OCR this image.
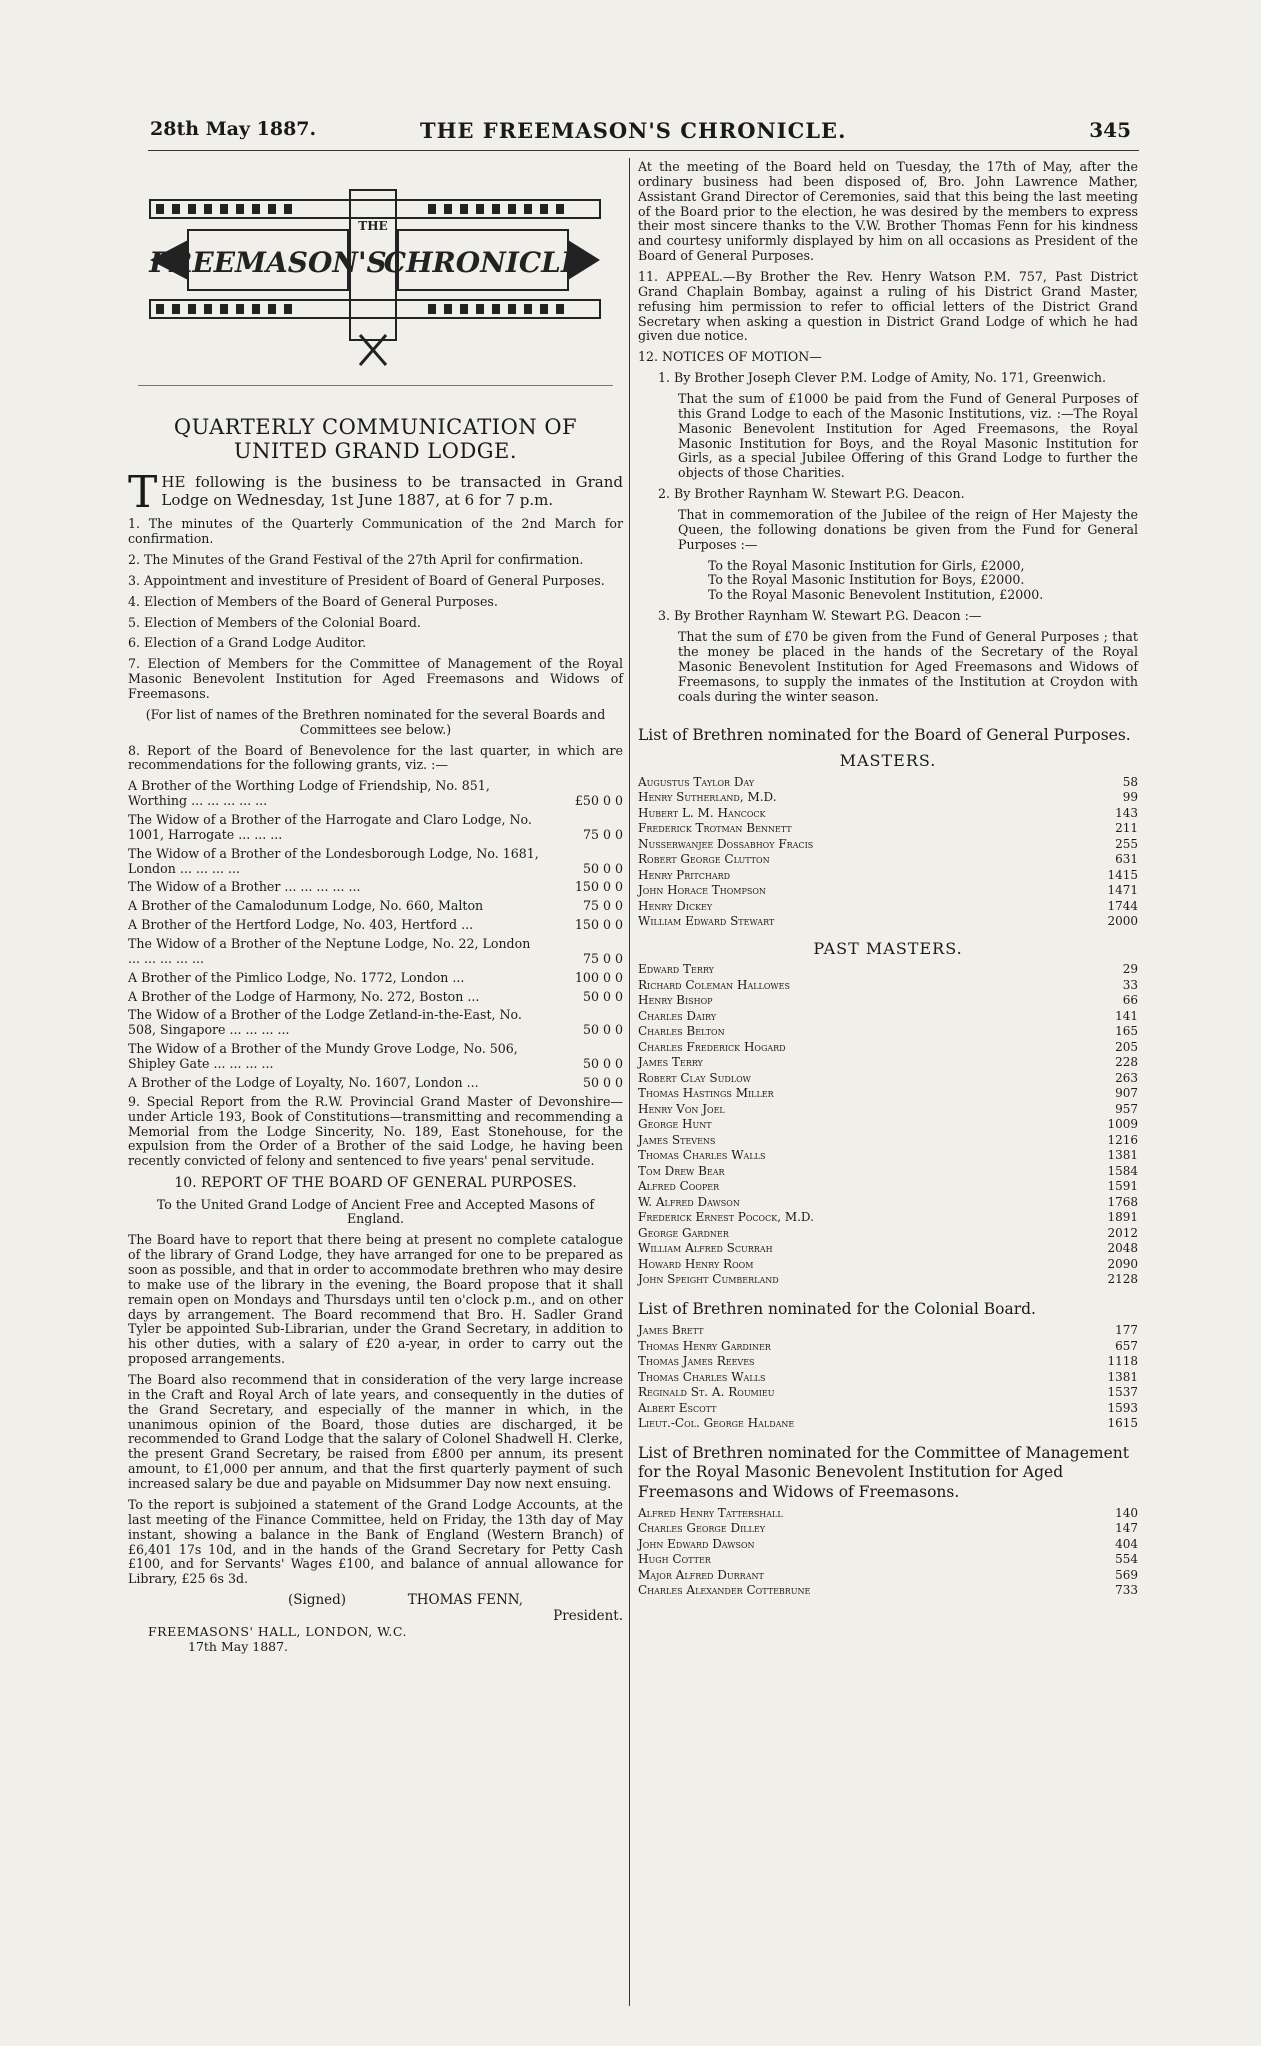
28th May 1887.	THE FREEMASON'S CHRONICLE.	345
FREEMASON'S
THE
CHRONICLE
QUARTERLY COMMUNICATION OF UNITED GRAND LODGE.

THE following is the business to be transacted in Grand Lodge on Wednesday, 1st June 1887, at 6 for 7 p.m.

1. The minutes of the Quarterly Communication of the 2nd March for confirmation.

2. The Minutes of the Grand Festival of the 27th April for confirmation.

3. Appointment and investiture of President of Board of General Purposes.

4. Election of Members of the Board of General Purposes.

5. Election of Members of the Colonial Board.

6. Election of a Grand Lodge Auditor.

7. Election of Members for the Committee of Management of the Royal Masonic Benevolent Institution for Aged Freemasons and Widows of Freemasons.

(For list of names of the Brethren nominated for the several Boards and Committees see below.)

8. Report of the Board of Benevolence for the last quarter, in which are recommendations for the following grants, viz. :—

A Brother of the Worthing Lodge of Friendship, No. 851, Worthing ... ... ... ... ...	£50 0 0
The Widow of a Brother of the Harrogate and Claro Lodge, No. 1001, Harrogate ... ... ...	75 0 0
The Widow of a Brother of the Londesborough Lodge, No. 1681, London ... ... ... ...	50 0 0
The Widow of a Brother ... ... ... ... ...	150 0 0
A Brother of the Camalodunum Lodge, No. 660, Malton	75 0 0
A Brother of the Hertford Lodge, No. 403, Hertford ...	150 0 0
The Widow of a Brother of the Neptune Lodge, No. 22, London ... ... ... ... ...	75 0 0
A Brother of the Pimlico Lodge, No. 1772, London ...	100 0 0
A Brother of the Lodge of Harmony, No. 272, Boston ...	50 0 0
The Widow of a Brother of the Lodge Zetland-in-the-East, No. 508, Singapore ... ... ... ...	50 0 0
The Widow of a Brother of the Mundy Grove Lodge, No. 506, Shipley Gate ... ... ... ...	50 0 0
A Brother of the Lodge of Loyalty, No. 1607, London ...	50 0 0

9. Special Report from the R.W. Provincial Grand Master of Devonshire—under Article 193, Book of Constitutions—transmitting and recommending a Memorial from the Lodge Sincerity, No. 189, East Stonehouse, for the expulsion from the Order of a Brother of the said Lodge, he having been recently convicted of felony and sentenced to five years' penal servitude.

10. REPORT OF THE BOARD OF GENERAL PURPOSES.

To the United Grand Lodge of Ancient Free and Accepted Masons of England.

The Board have to report that there being at present no complete catalogue of the library of Grand Lodge, they have arranged for one to be prepared as soon as possible, and that in order to accommodate brethren who may desire to make use of the library in the evening, the Board propose that it shall remain open on Mondays and Thursdays until ten o'clock p.m., and on other days by arrangement. The Board recommend that Bro. H. Sadler Grand Tyler be appointed Sub-Librarian, under the Grand Secretary, in addition to his other duties, with a salary of £20 a-year, in order to carry out the proposed arrangements.

The Board also recommend that in consideration of the very large increase in the Craft and Royal Arch of late years, and consequently in the duties of the Grand Secretary, and especially of the manner in which, in the unanimous opinion of the Board, those duties are discharged, it be recommended to Grand Lodge that the salary of Colonel Shadwell H. Clerke, the present Grand Secretary, be raised from £800 per annum, its present amount, to £1,000 per annum, and that the first quarterly payment of such increased salary be due and payable on Midsummer Day now next ensuing.

To the report is subjoined a statement of the Grand Lodge Accounts, at the last meeting of the Finance Committee, held on Friday, the 13th day of May instant, showing a balance in the Bank of England (Western Branch) of £6,401 17s 10d, and in the hands of the Grand Secretary for Petty Cash £100, and for Servants' Wages £100, and balance of annual allowance for Library, £25 6s 3d.

(Signed)	THOMAS FENN,
President.
FREEMASONS' HALL, LONDON, W.C.
17th May 1887.

At the meeting of the Board held on Tuesday, the 17th of May, after the ordinary business had been disposed of, Bro. John Lawrence Mather, Assistant Grand Director of Ceremonies, said that this being the last meeting of the Board prior to the election, he was desired by the members to express their most sincere thanks to the V.W. Brother Thomas Fenn for his kindness and courtesy uniformly displayed by him on all occasions as President of the Board of General Purposes.

11. APPEAL.—By Brother the Rev. Henry Watson P.M. 757, Past District Grand Chaplain Bombay, against a ruling of his District Grand Master, refusing him permission to refer to official letters of the District Grand Secretary when asking a question in District Grand Lodge of which he had given due notice.

12. NOTICES OF MOTION—

1. By Brother Joseph Clever P.M. Lodge of Amity, No. 171, Greenwich.

That the sum of £1000 be paid from the Fund of General Purposes of this Grand Lodge to each of the Masonic Institutions, viz. :—The Royal Masonic Benevolent Institution for Aged Freemasons, the Royal Masonic Institution for Boys, and the Royal Masonic Institution for Girls, as a special Jubilee Offering of this Grand Lodge to further the objects of those Charities.

2. By Brother Raynham W. Stewart P.G. Deacon.

That in commemoration of the Jubilee of the reign of Her Majesty the Queen, the following donations be given from the Fund for General Purposes :—

To the Royal Masonic Institution for Girls, £2000,

To the Royal Masonic Institution for Boys, £2000.

To the Royal Masonic Benevolent Institution, £2000.

3. By Brother Raynham W. Stewart P.G. Deacon :—

That the sum of £70 be given from the Fund of General Purposes ; that the money be placed in the hands of the Secretary of the Royal Masonic Benevolent Institution for Aged Freemasons and Widows of Freemasons, to supply the inmates of the Institution at Croydon with coals during the winter season.

List of Brethren nominated for the Board of General Purposes.
MASTERS.
Augustus Taylor Day	58
Henry Sutherland, M.D.	99
Hubert L. M. Hancock	143
Frederick Trotman Bennett	211
Nusserwanjee Dossabhoy Fracis	255
Robert George Clutton	631
Henry Pritchard	1415
John Horace Thompson	1471
Henry Dickey	1744
William Edward Stewart	2000
PAST MASTERS.
Edward Terry	29
Richard Coleman Hallowes	33
Henry Bishop	66
Charles Dairy	141
Charles Belton	165
Charles Frederick Hogard	205
James Terry	228
Robert Clay Sudlow	263
Thomas Hastings Miller	907
Henry Von Joel	957
George Hunt	1009
James Stevens	1216
Thomas Charles Walls	1381
Tom Drew Bear	1584
Alfred Cooper	1591
W. Alfred Dawson	1768
Frederick Ernest Pocock, M.D.	1891
George Gardner	2012
William Alfred Scurrah	2048
Howard Henry Room	2090
John Speight Cumberland	2128
List of Brethren nominated for the Colonial Board.
James Brett	177
Thomas Henry Gardiner	657
Thomas James Reeves	1118
Thomas Charles Walls	1381
Reginald St. A. Roumieu	1537
Albert Escott	1593
Lieut.-Col. George Haldane	1615
List of Brethren nominated for the Committee of Management for the Royal Masonic Benevolent Institution for Aged Freemasons and Widows of Freemasons.
Alfred Henry Tattershall	140
Charles George Dilley	147
John Edward Dawson	404
Hugh Cotter	554
Major Alfred Durrant	569
Charles Alexander Cottebrune	733
